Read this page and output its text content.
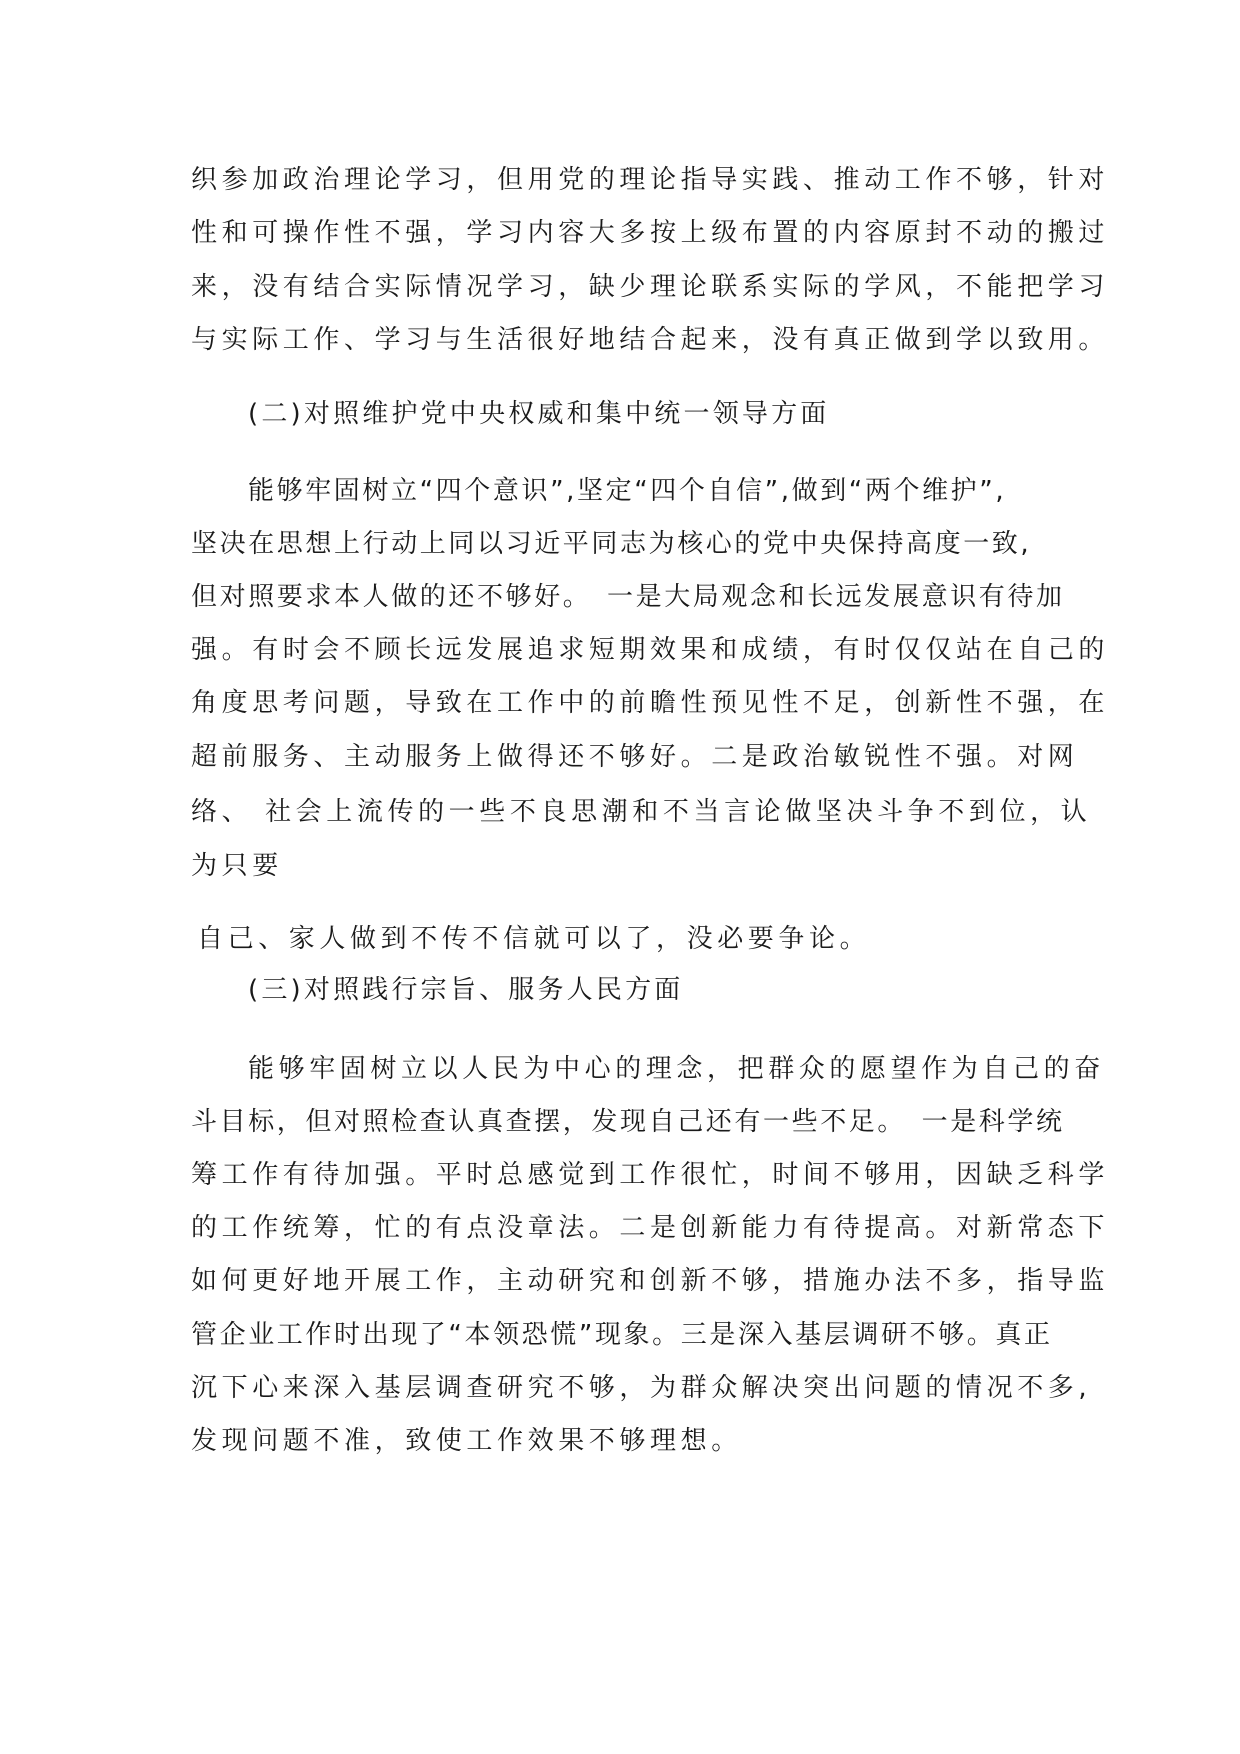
织参加政治理论学习，但用党的理论指导实践、推动工作不够，针对

性和可操作性不强，学习内容大多按上级布置的内容原封不动的搬过

来，没有结合实际情况学习，缺少理论联系实际的学风，不能把学习

与实际工作、学习与生活很好地结合起来，没有真正做到学以致用。

(二)对照维护党中央权威和集中统一领导方面

能够牢固树立“四个意识”,坚定“四个自信”,做到“两个维护”,

坚决在思想上行动上同以习近平同志为核心的党中央保持高度一致,

但对照要求本人做的还不够好。　一是大局观念和长远发展意识有待加

强。有时会不顾长远发展追求短期效果和成绩，有时仅仅站在自己的

角度思考问题，导致在工作中的前瞻性预见性不足，创新性不强，在

超前服务、主动服务上做得还不够好。二是政治敏锐性不强。对网

络、 社会上流传的一些不良思潮和不当言论做坚决斗争不到位，认

为只要

自己、家人做到不传不信就可以了，没必要争论。

(三)对照践行宗旨、服务人民方面

能够牢固树立以人民为中心的理念，把群众的愿望作为自己的奋

斗目标，但对照检查认真查摆，发现自己还有一些不足。　一是科学统

筹工作有待加强。平时总感觉到工作很忙，时间不够用，因缺乏科学

的工作统筹，忙的有点没章法。二是创新能力有待提高。对新常态下

如何更好地开展工作，主动研究和创新不够，措施办法不多，指导监

管企业工作时出现了“本领恐慌”现象。三是深入基层调研不够。真正

沉下心来深入基层调查研究不够，为群众解决突出问题的情况不多,

发现问题不准，致使工作效果不够理想。
